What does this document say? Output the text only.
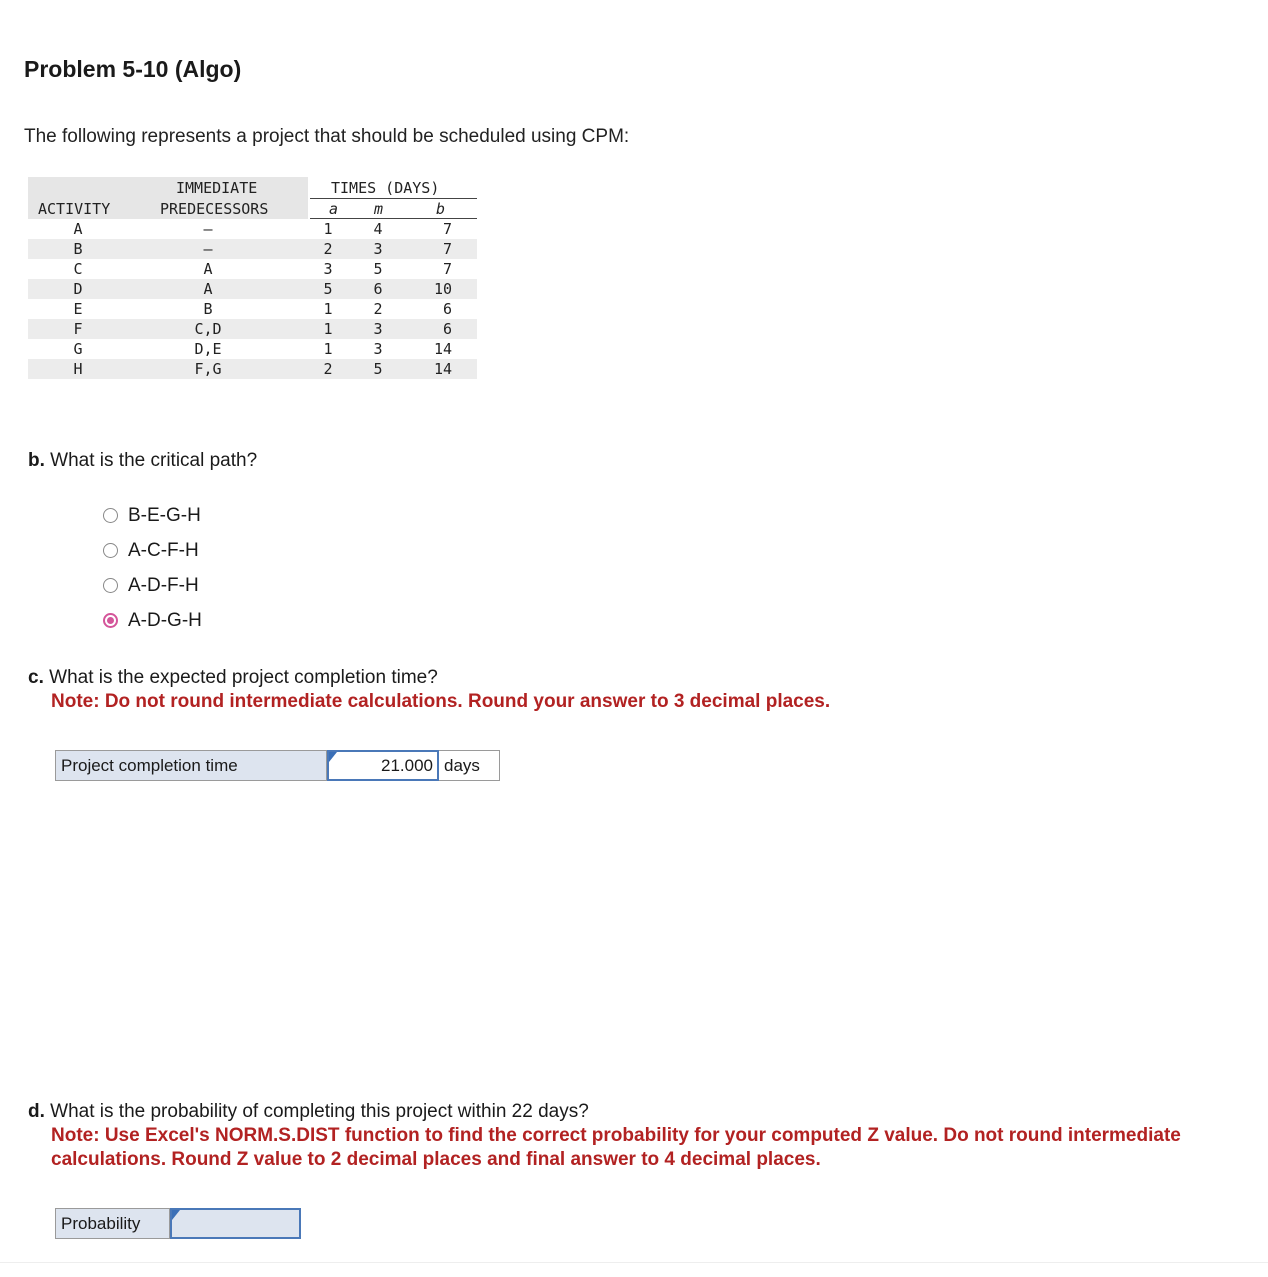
Problem 5-10 (Algo)
The following represents a project that should be scheduled using CPM:
IMMEDIATE
ACTIVITY	PREDECESSORS
TIMES (DAYS)
a m	b
A	—	1	4	7
B	—	2	3	7
C	A	3	5	7
D	A	5	6	10
E	B	1	2	6
F	C,D	1	3	6
G	D,E	1	3	14
H	F,G	2	5	14
b. What is the critical path?
B-E-G-H
A-C-F-H
A-D-F-H
A-D-G-H
c. What is the expected project completion time?
Note: Do not round intermediate calculations. Round your answer to 3 decimal places.
Project completion time	21.000 days
d. What is the probability of completing this project within 22 days?
Note: Use Excel's NORM.S.DIST function to find the correct probability for your computed Z value. Do not round intermediate calculations. Round Z value to 2 decimal places and final answer to 4 decimal places.
Probability
